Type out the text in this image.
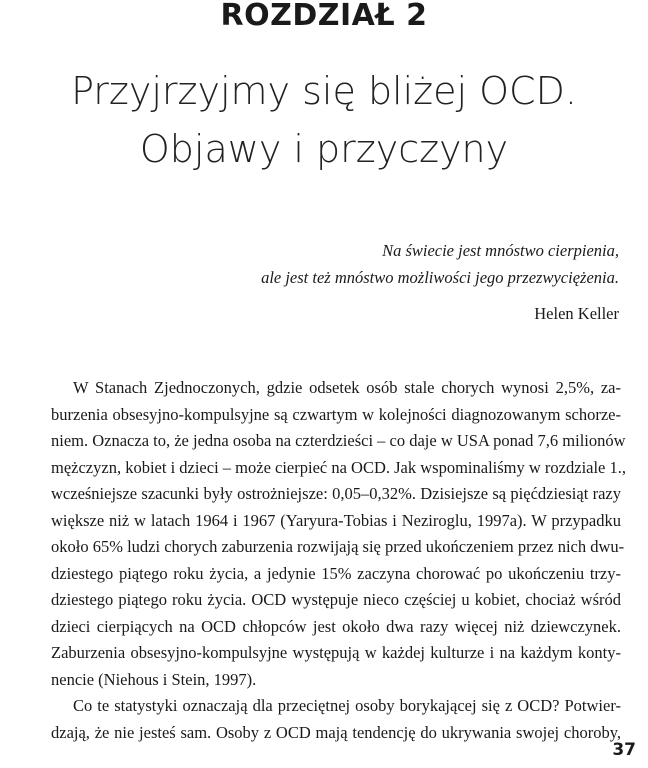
ROZDZIAŁ 2
Przyjrzyjmy się bliżej OCD.
Objawy i przyczyny
Na świecie jest mnóstwo cierpienia,
ale jest też mnóstwo możliwości jego przezwyciężenia.
Helen Keller

W Stanach Zjednoczonych, gdzie odsetek osób stale chorych wynosi 2,5%, za-
burzenia obsesyjno-kompulsyjne są czwartym w kolejności diagnozowanym schorze-
niem. Oznacza to, że jedna osoba na czterdzieści – co daje w USA ponad 7,6 milionów
mężczyzn, kobiet i dzieci – może cierpieć na OCD. Jak wspominaliśmy w rozdziale 1.,
wcześniejsze szacunki były ostrożniejsze: 0,05–0,32%. Dzisiejsze są pięćdziesiąt razy
większe niż w latach 1964 i 1967 (Yaryura-Tobias i Neziroglu, 1997a). W przypadku
około 65% ludzi chorych zaburzenia rozwijają się przed ukończeniem przez nich dwu-
dziestego piątego roku życia, a jedynie 15% zaczyna chorować po ukończeniu trzy-
dziestego piątego roku życia. OCD występuje nieco częściej u kobiet, chociaż wśród
dzieci cierpiących na OCD chłopców jest około dwa razy więcej niż dziewczynek.
Zaburzenia obsesyjno-kompulsyjne występują w każdej kulturze i na każdym konty-
nencie (Niehous i Stein, 1997).

Co te statystyki oznaczają dla przeciętnej osoby borykającej się z OCD? Potwier-
dzają, że nie jesteś sam. Osoby z OCD mają tendencję do ukrywania swojej choroby,

37
